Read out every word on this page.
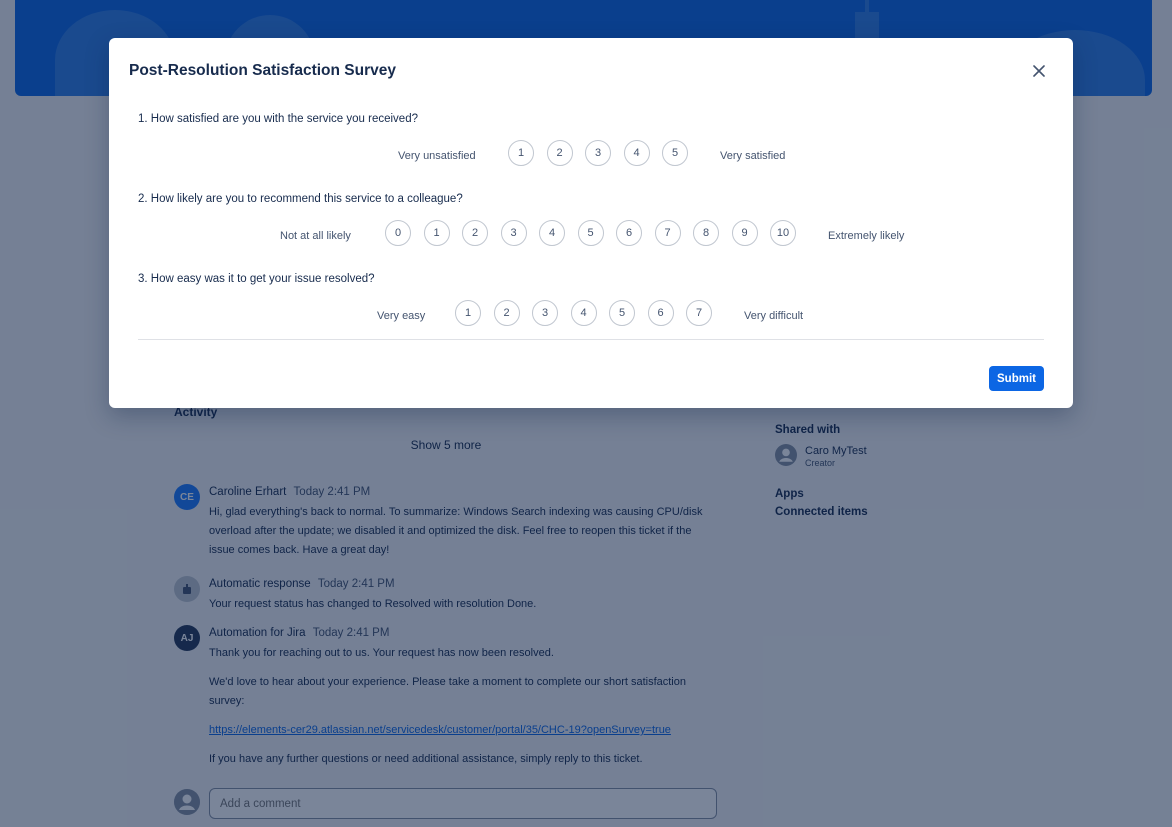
Add a comment
Post-Resolution Satisfaction Survey
1. How satisfied are you with the service you received?
Very unsatisfied	1	2	3	4	5	Very satisfied
2. How likely are you to recommend this service to a colleague?
Not at all likely	0	1	2	3	4	5	6	7	8	9	10	Extremely likely
3. How easy was it to get your issue resolved?
Very easy	1	2	3	4	5	6	7	Very difficult
Submit
